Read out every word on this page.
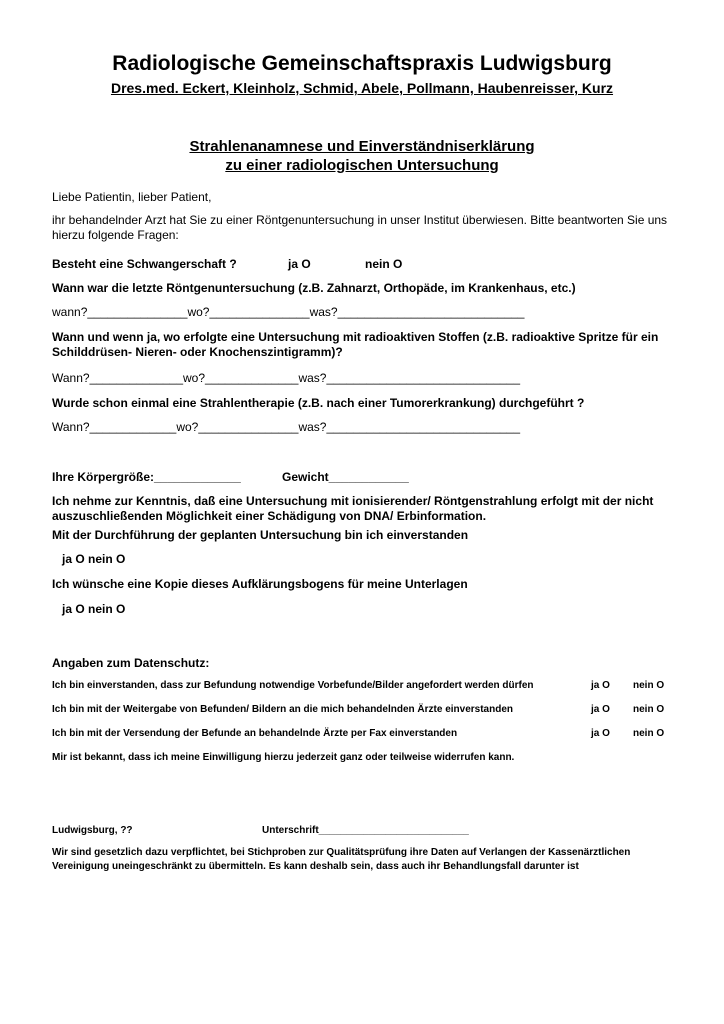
Radiologische Gemeinschaftspraxis Ludwigsburg
Dres.med. Eckert, Kleinholz, Schmid, Abele, Pollmann, Haubenreisser, Kurz
Strahlenanamnese und Einverständniserklärung
zu einer radiologischen Untersuchung
Liebe Patientin, lieber Patient,
ihr behandelnder Arzt hat Sie zu einer Röntgenuntersuchung in unser Institut überwiesen. Bitte beantworten Sie uns hierzu folgende Fragen:
Besteht eine Schwangerschaft ?	ja O	nein O
Wann war die letzte Röntgenuntersuchung (z.B. Zahnarzt, Orthopäde, im Krankenhaus, etc.)
wann?_______________wo?_______________was?____________________________
Wann und wenn ja, wo erfolgte eine Untersuchung mit radioaktiven Stoffen (z.B. radioaktive Spritze für ein Schilddrüsen- Nieren- oder Knochenszintigramm)?
Wann?______________wo?______________was?_____________________________
Wurde schon einmal eine Strahlentherapie (z.B. nach einer Tumorerkrankung) durchgeführt ?
Wann?_____________wo?_______________was?_____________________________
Ihre Körpergröße:_____________	Gewicht____________
Ich nehme zur Kenntnis, daß eine Untersuchung mit ionisierender/ Röntgenstrahlung erfolgt mit der nicht auszuschließenden Möglichkeit einer Schädigung von DNA/ Erbinformation.
Mit der Durchführung der geplanten Untersuchung bin ich einverstanden
ja O nein O
Ich wünsche eine Kopie dieses Aufklärungsbogens für meine Unterlagen
ja O nein O
Angaben zum Datenschutz:
Ich bin einverstanden, dass zur Befundung notwendige Vorbefunde/Bilder angefordert werden dürfen	ja O nein O
Ich bin mit der Weitergabe von Befunden/ Bildern an die mich behandelnden Ärzte einverstanden	ja O nein O
Ich bin mit der Versendung der Befunde an behandelnde Ärzte per Fax einverstanden	ja O nein O
Mir ist bekannt, dass ich meine Einwilligung hierzu jederzeit ganz oder teilweise widerrufen kann.
Ludwigsburg, ??	Unterschrift___________________________
Wir sind gesetzlich dazu verpflichtet, bei Stichproben zur Qualitätsprüfung ihre Daten auf Verlangen der Kassenärztlichen Vereinigung uneingeschränkt zu übermitteln. Es kann deshalb sein, dass auch ihr Behandlungsfall darunter ist
